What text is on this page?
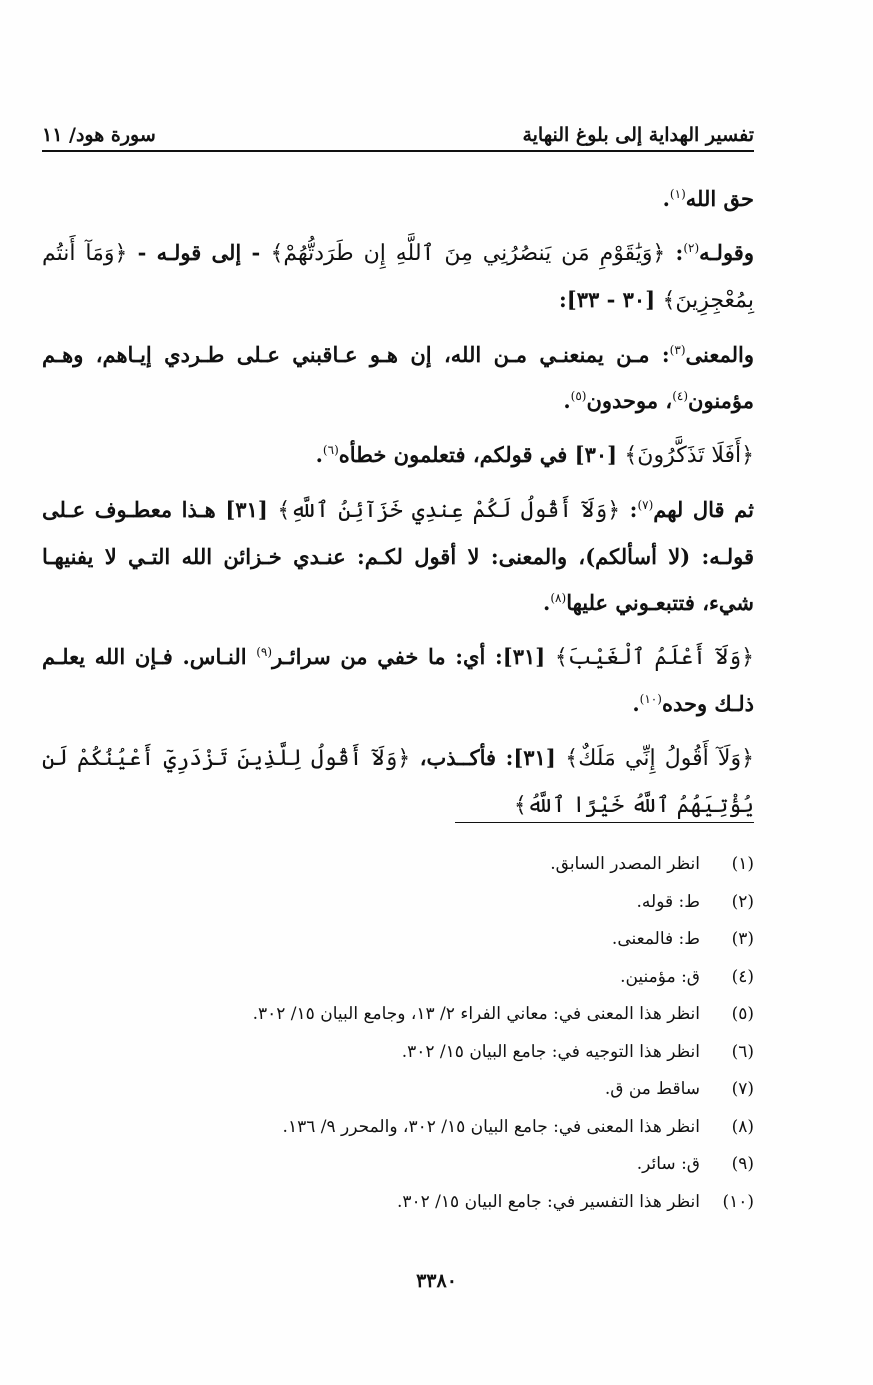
تفسير الهداية إلى بلوغ النهاية
سورة هود/ ١١

حق الله$^{(١)}$.

وقولـه$^{(٢)}$: ﴿وَيَٰقَوْمِ مَن يَنصُرُنِي مِنَ ٱللَّهِ إِن طَرَدتُّهُمْ﴾ - إلى قولـه - ﴿وَمَآ أَنتُم بِمُعْجِزِينَ﴾ [٣٠ - ٣٣]:

والمعنى$^{(٣)}$: مـن يمنعنـي مـن الله، إن هـو عـاقبني عـلى طـردي إيـاهم، وهـم مؤمنون$^{(٤)}$، موحدون$^{(٥)}$.

﴿أَفَلَا تَذَكَّرُونَ﴾ [٣٠] في قولكم، فتعلمون خطأه$^{(٦)}$.

ثم قال لهم$^{(٧)}$: ﴿وَلَآ أَقُولُ لَكُمْ عِندِي خَزَآئِنُ ٱللَّهِ﴾ [٣١] هـذا معطـوف عـلى قولـه: (لا أسألكم)، والمعنى: لا أقول لكـم: عنـدي خـزائن الله التـي لا يفنيهـا شيء، فتتبعـوني عليها$^{(٨)}$.

﴿وَلَآ أَعْلَمُ ٱلْغَيْبَ﴾ [٣١]: أي: ما خفي من سرائـر$^{(٩)}$ النـاس. فـإن الله يعلـم ذلـك وحده$^{(١٠)}$.

﴿وَلَآ أَقُولُ إِنِّي مَلَكٌ﴾ [٣١]: فأكــذب، ﴿وَلَآ أَقُولُ لِلَّذِينَ تَزْدَرِيٓ أَعْيُنُكُمْ لَن يُؤْتِيَهُمُ ٱللَّهُ خَيْرًا ٱللَّهُ﴾

(١)
انظر المصدر السابق.
(٢)
ط: قوله.
(٣)
ط: فالمعنى.
(٤)
ق: مؤمنين.
(٥)
انظر هذا المعنى في: معاني الفراء ٢/ ١٣، وجامع البيان ١٥/ ٣٠٢.
(٦)
انظر هذا التوجيه في: جامع البيان ١٥/ ٣٠٢.
(٧)
ساقط من ق.
(٨)
انظر هذا المعنى في: جامع البيان ١٥/ ٣٠٢، والمحرر ٩/ ١٣٦.
(٩)
ق: سائر.
(١٠)
انظر هذا التفسير في: جامع البيان ١٥/ ٣٠٢.
٣٣٨٠
